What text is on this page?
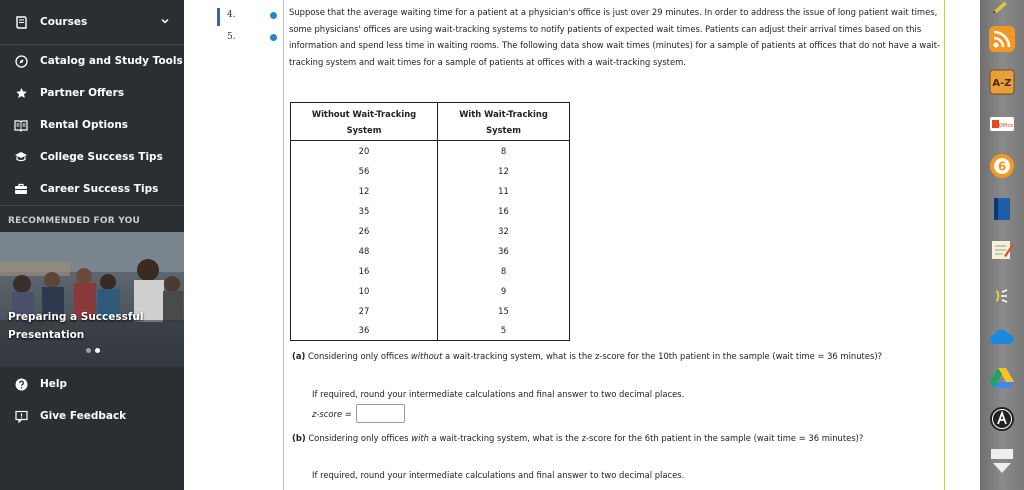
Courses
Catalog and Study Tools
Partner Offers
Rental Options
College Success Tips
Career Success Tips
RECOMMENDED FOR YOU
Preparing a Successful Presentation
Help
Give Feedback
4.
5.
Suppose that the average waiting time for a patient at a physician's office is just over 29 minutes. In order to address the issue of long patient wait times, some physicians' offices are using wait-tracking systems to notify patients of expected wait times. Patients can adjust their arrival times based on this information and spend less time in waiting rooms. The following data show wait times (minutes) for a sample of patients at offices that do not have a wait-tracking system and wait times for a sample of patients at offices with a wait-tracking system.
Without Wait-Tracking System	With Wait-Tracking System
20	8
56	12
12	11
35	16
26	32
48	36
16	8
10	9
27	15
36	5
(a) Considering only offices without a wait-tracking system, what is the z-score for the 10th patient in the sample (wait time = 36 minutes)?
If required, round your intermediate calculations and final answer to two decimal places.
z-score =
(b) Considering only offices with a wait-tracking system, what is the z-score for the 6th patient in the sample (wait time = 36 minutes)?
If required, round your intermediate calculations and final answer to two decimal places.
A-Z
Office
6
